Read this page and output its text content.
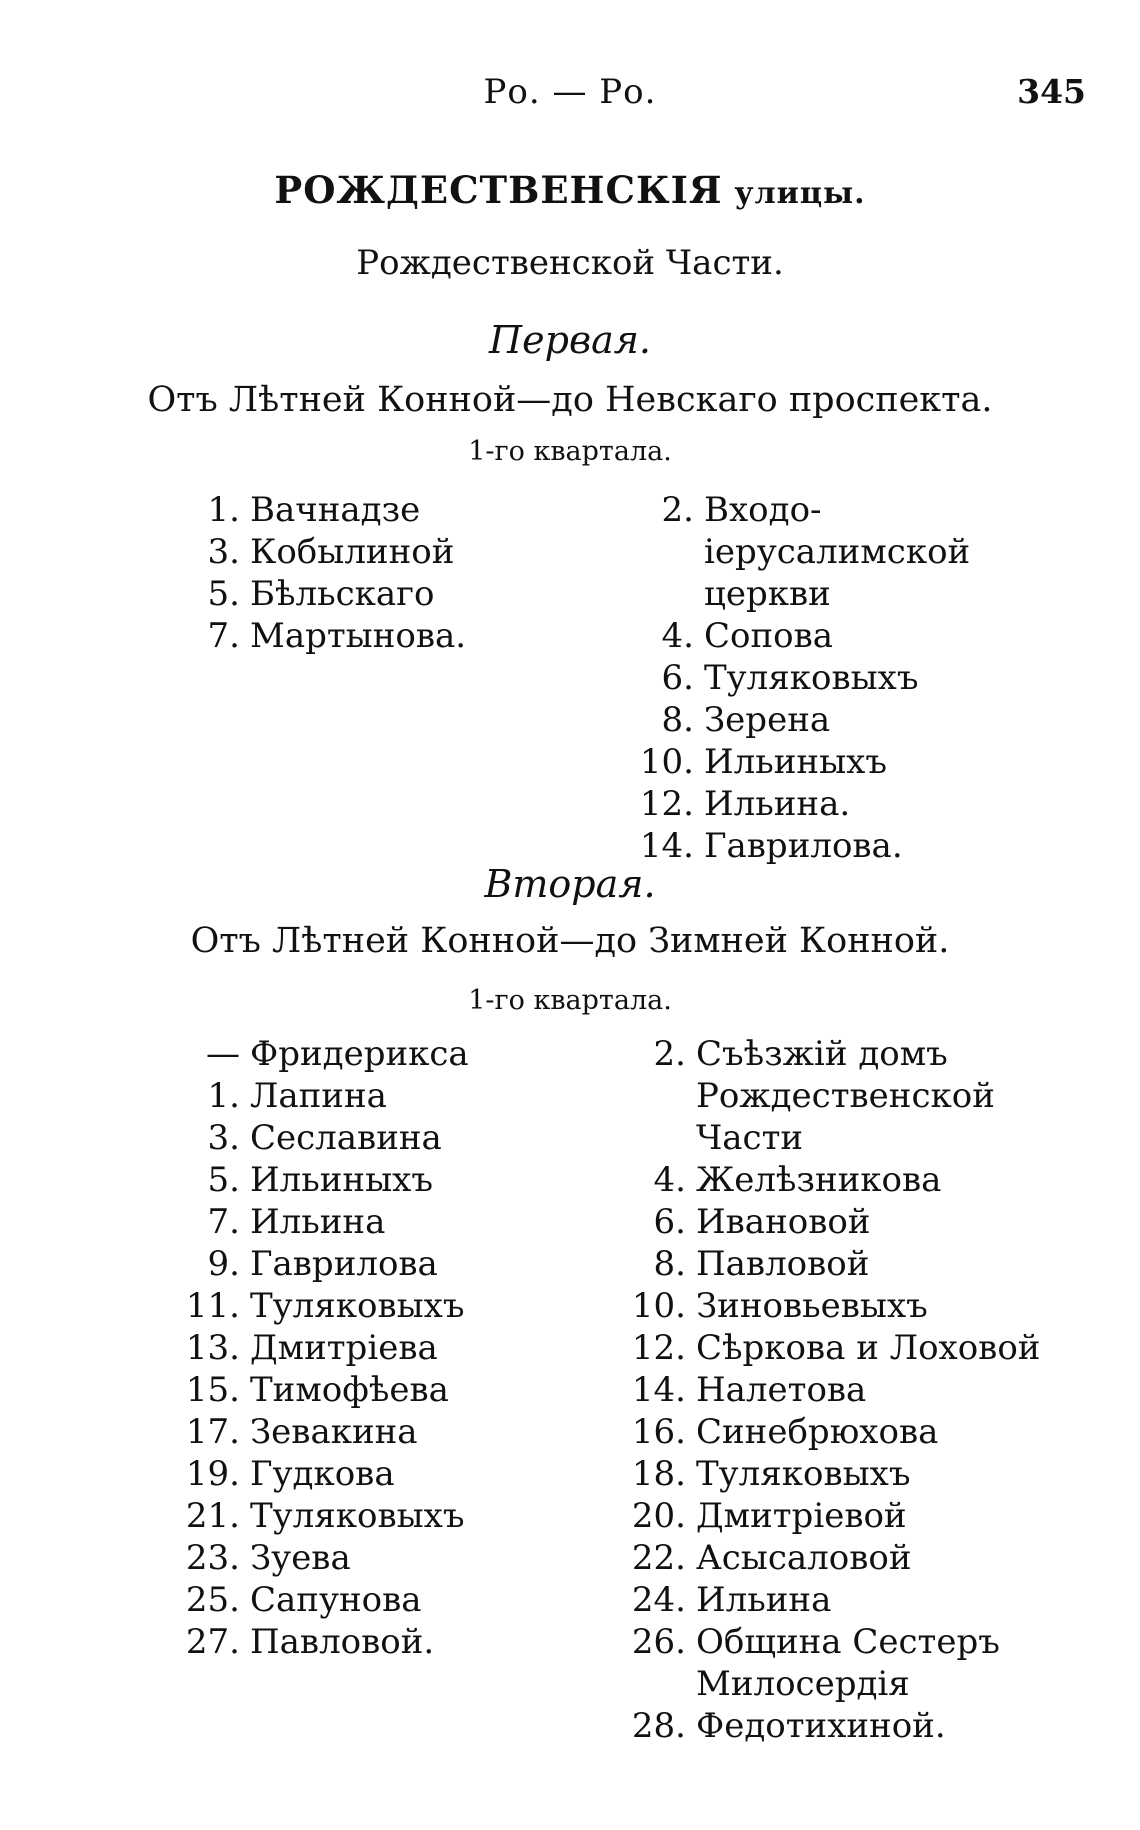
Ро. — Ро.	345
РОЖДЕСТВЕНСКІЯ улицы.
Рождественской Части.
Первая.
Отъ Лѣтней Конной—до Невскаго проспекта.
1-го квартала.
1. Вачнадзе
3. Кобылиной
5. Бѣльскаго
7. Мартынова.
2. Входо-іерусалимской церкви
4. Сопова
6. Туляковыхъ
8. Зерена
10. Ильиныхъ
12. Ильина.
14. Гаврилова.
Вторая.
Отъ Лѣтней Конной—до Зимней Конной.
1-го квартала.
— Фридерикса
1. Лапина
3. Сеславина
5. Ильиныхъ
7. Ильина
9. Гаврилова
11. Туляковыхъ
13. Дмитріева
15. Тимофѣева
17. Зевакина
19. Гудкова
21. Туляковыхъ
23. Зуева
25. Сапунова
27. Павловой.
2. Съѣзжій домъ Рождественской Части
4. Желѣзникова
6. Ивановой
8. Павловой
10. Зиновьевыхъ
12. Сѣркова и Лоховой
14. Налетова
16. Синебрюхова
18. Туляковыхъ
20. Дмитріевой
22. Асысаловой
24. Ильина
26. Община Сестеръ Милосердія
28. Федотихиной.
